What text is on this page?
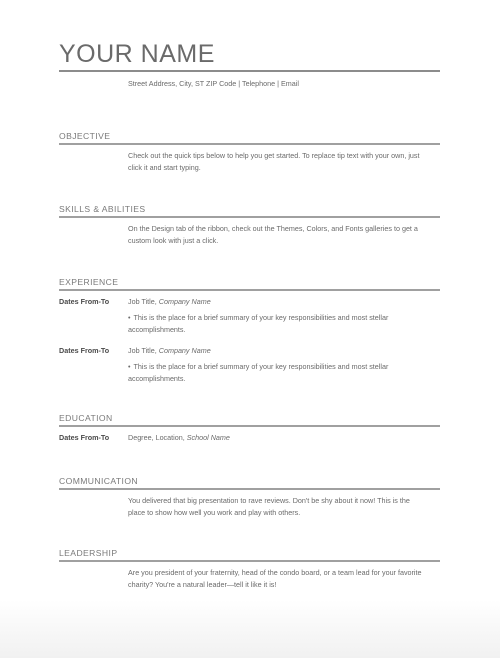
YOUR NAME
Street Address, City, ST ZIP Code | Telephone | Email
OBJECTIVE
Check out the quick tips below to help you get started. To replace tip text with your own, just click it and start typing.
SKILLS & ABILITIES
On the Design tab of the ribbon, check out the Themes, Colors, and Fonts galleries to get a custom look with just a click.
EXPERIENCE
Dates From-To	Job Title, Company Name
• This is the place for a brief summary of your key responsibilities and most stellar accomplishments.
Dates From-To	Job Title, Company Name
• This is the place for a brief summary of your key responsibilities and most stellar accomplishments.
EDUCATION
Dates From-To	Degree, Location, School Name
COMMUNICATION
You delivered that big presentation to rave reviews. Don't be shy about it now! This is the place to show how well you work and play with others.
LEADERSHIP
Are you president of your fraternity, head of the condo board, or a team lead for your favorite charity? You're a natural leader—tell it like it is!
